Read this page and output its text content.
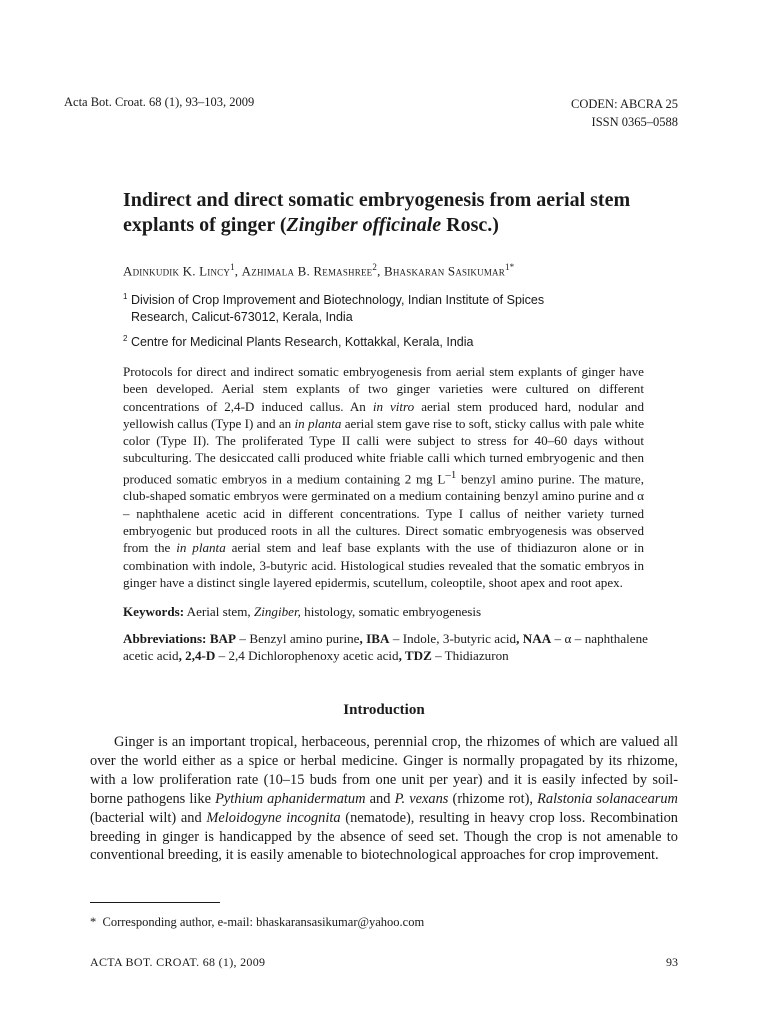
Acta Bot. Croat. 68 (1), 93–103, 2009	CODEN: ABCRA 25
ISSN 0365–0588
Indirect and direct somatic embryogenesis from aerial stem explants of ginger (Zingiber officinale Rosc.)
Adinkudik K. Lincy$^1$, Azhimala B. Remashree$^2$, Bhaskaran Sasikumar$^{1*}$
$^1$ Division of Crop Improvement and Biotechnology, Indian Institute of Spices
Research, Calicut-673012, Kerala, India
$^2$ Centre for Medicinal Plants Research, Kottakkal, Kerala, India

Protocols for direct and indirect somatic embryogenesis from aerial stem explants of ginger have been developed. Aerial stem explants of two ginger varieties were cultured on different concentrations of 2,4-D induced callus. An in vitro aerial stem produced hard, nodular and yellowish callus (Type I) and an in planta aerial stem gave rise to soft, sticky callus with pale white color (Type II). The proliferated Type II calli were subject to stress for 40–60 days without subculturing. The desiccated calli produced white friable calli which turned embryogenic and then produced somatic embryos in a medium containing 2 mg $L^{-1}$ benzyl amino purine. The mature, club-shaped somatic embryos were germinated on a medium containing benzyl amino purine and α – naphthalene acetic acid in different concentrations. Type I callus of neither variety turned embryogenic but produced roots in all the cultures. Direct somatic embryogenesis was observed from the in planta aerial stem and leaf base explants with the use of thidiazuron alone or in combination with indole, 3-butyric acid. Histological studies revealed that the somatic embryos in ginger have a distinct single layered epidermis, scutellum, coleoptile, shoot apex and root apex.

Keywords: Aerial stem, Zingiber, histology, somatic embryogenesis
Abbreviations: BAP – Benzyl amino purine, IBA – Indole, 3-butyric acid, NAA – α – naphthalene acetic acid, 2,4-D – 2,4 Dichlorophenoxy acetic acid, TDZ – Thidiazuron
Introduction

Ginger is an important tropical, herbaceous, perennial crop, the rhizomes of which are valued all over the world either as a spice or herbal medicine. Ginger is normally propagated by its rhizome, with a low proliferation rate (10–15 buds from one unit per year) and it is easily infected by soil-borne pathogens like Pythium aphanidermatum and P. vexans (rhizome rot), Ralstonia solanacearum (bacterial wilt) and Meloidogyne incognita (nematode), resulting in heavy crop loss. Recombination breeding in ginger is handicapped by the absence of seed set. Though the crop is not amenable to conventional breeding, it is easily amenable to biotechnological approaches for crop improvement.

*  Corresponding author, e-mail: bhaskaransasikumar@yahoo.com
ACTA BOT. CROAT. 68 (1), 2009	93
